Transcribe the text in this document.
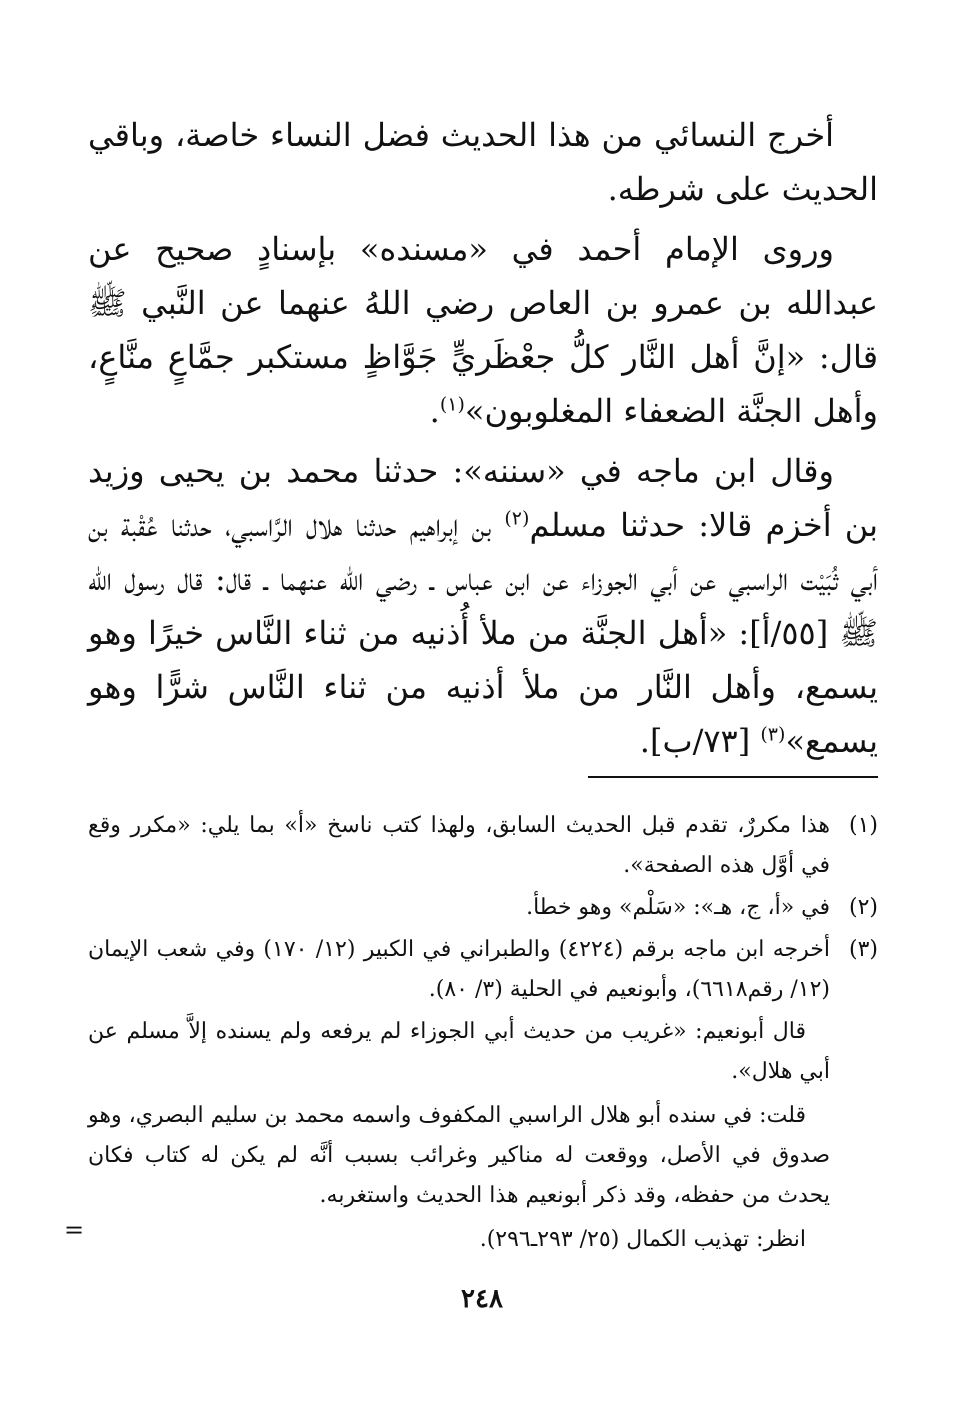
أخرج النسائي من هذا الحديث فضل النساء خاصة، وباقي الحديث على شرطه.

وروى الإمام أحمد في «مسنده» بإسنادٍ صحيح عن عبدالله بن عمرو بن العاص رضي اللهُ عنهما عن النَّبي ﷺ قال: «إنَّ أهل النَّار كلُّ جعْظَريٍّ جَوَّاظٍ مستكبر جمَّاعٍ منَّاعٍ، وأهل الجنَّة الضعفاء المغلوبون»$^{(١)}$.

وقال ابن ماجه في «سننه»: حدثنا محمد بن يحيى وزيد بن أخزم قالا: حدثنا مسلم$^{(٢)}$ بن إبراهيم حدثنا هلال الرَّاسبي، حدثنا عُقْبة بن أبي ثُبَيْت الراسبي عن أبي الجوزاء عن ابن عباس ـ رضي الله عنهما ـ قال: قال رسول الله ﷺ [٥٥/أ]: «أهل الجنَّة من ملأ أُذنيه من ثناء النَّاس خيرًا وهو يسمع، وأهل النَّار من ملأ أذنيه من ثناء النَّاس شرًّا وهو يسمع»$^{(٣)}$ [٧٣/ب].

(١)
هذا مكررٌ، تقدم قبل الحديث السابق، ولهذا كتب ناسخ «أ» بما يلي: «مكرر وقع في أوَّل هذه الصفحة».
(٢)
في «أ، ج، هـ»: «سَلْم» وهو خطأ.
(٣)
أخرجه ابن ماجه برقم (٤٢٢٤) والطبراني في الكبير (١٢/ ١٧٠) وفي شعب الإيمان (١٢/ رقم٦٦١٨)، وأبونعيم في الحلية (٣/ ٨٠).

قال أبونعيم: «غريب من حديث أبي الجوزاء لم يرفعه ولم يسنده إلاَّ مسلم عن أبي هلال».

قلت: في سنده أبو هلال الراسبي المكفوف واسمه محمد بن سليم البصري، وهو صدوق في الأصل، ووقعت له مناكير وغرائب بسبب أنَّه لم يكن له كتاب فكان يحدث من حفظه، وقد ذكر أبونعيم هذا الحديث واستغربه.

انظر: تهذيب الكمال (٢٥/ ٢٩٣ـ٢٩٦).

=
٢٤٨
